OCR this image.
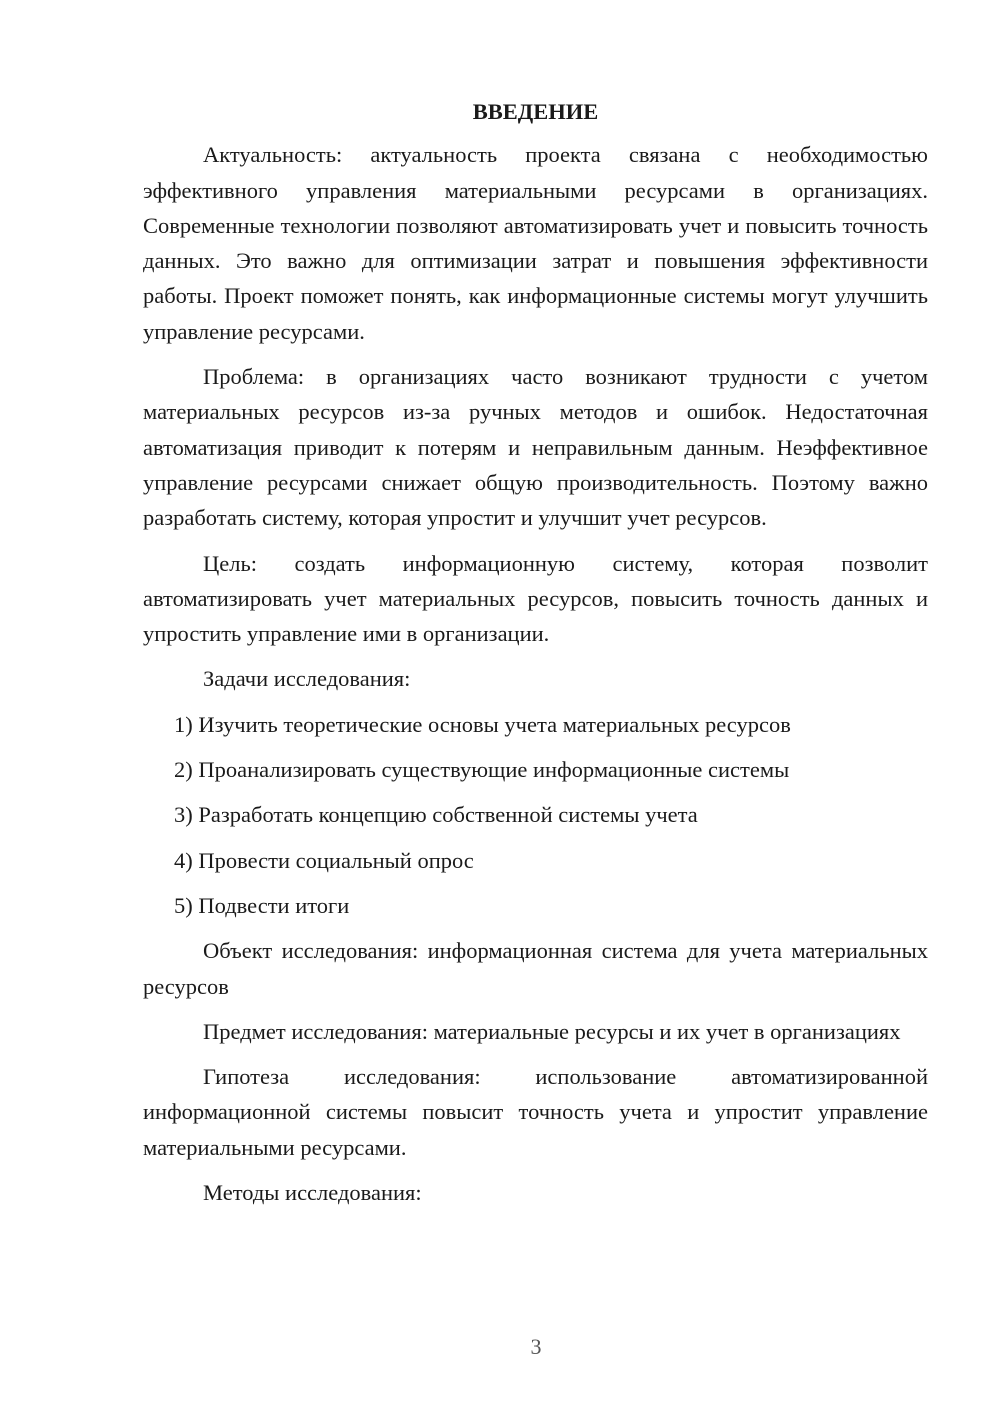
ВВЕДЕНИЕ

Актуальность: актуальность проекта связана с необходимостью эффективного управления материальными ресурсами в организациях. Современные технологии позволяют автоматизировать учет и повысить точность данных. Это важно для оптимизации затрат и повышения эффективности работы. Проект поможет понять, как информационные системы могут улучшить управление ресурсами.

Проблема: в организациях часто возникают трудности с учетом материальных ресурсов из-за ручных методов и ошибок. Недостаточная автоматизация приводит к потерям и неправильным данным. Неэффективное управление ресурсами снижает общую производительность. Поэтому важно разработать систему, которая упростит и улучшит учет ресурсов.

Цель: создать информационную систему, которая позволит автоматизировать учет материальных ресурсов, повысить точность данных и упростить управление ими в организации.

Задачи исследования:

1) Изучить теоретические основы учета материальных ресурсов
2) Проанализировать существующие информационные системы
3) Разработать концепцию собственной системы учета
4) Провести социальный опрос
5) Подвести итоги

Объект исследования: информационная система для учета материальных ресурсов

Предмет исследования: материальные ресурсы и их учет в организациях

Гипотеза исследования: использование автоматизированной информационной системы повысит точность учета и упростит управление материальными ресурсами.

Методы исследования:

3
